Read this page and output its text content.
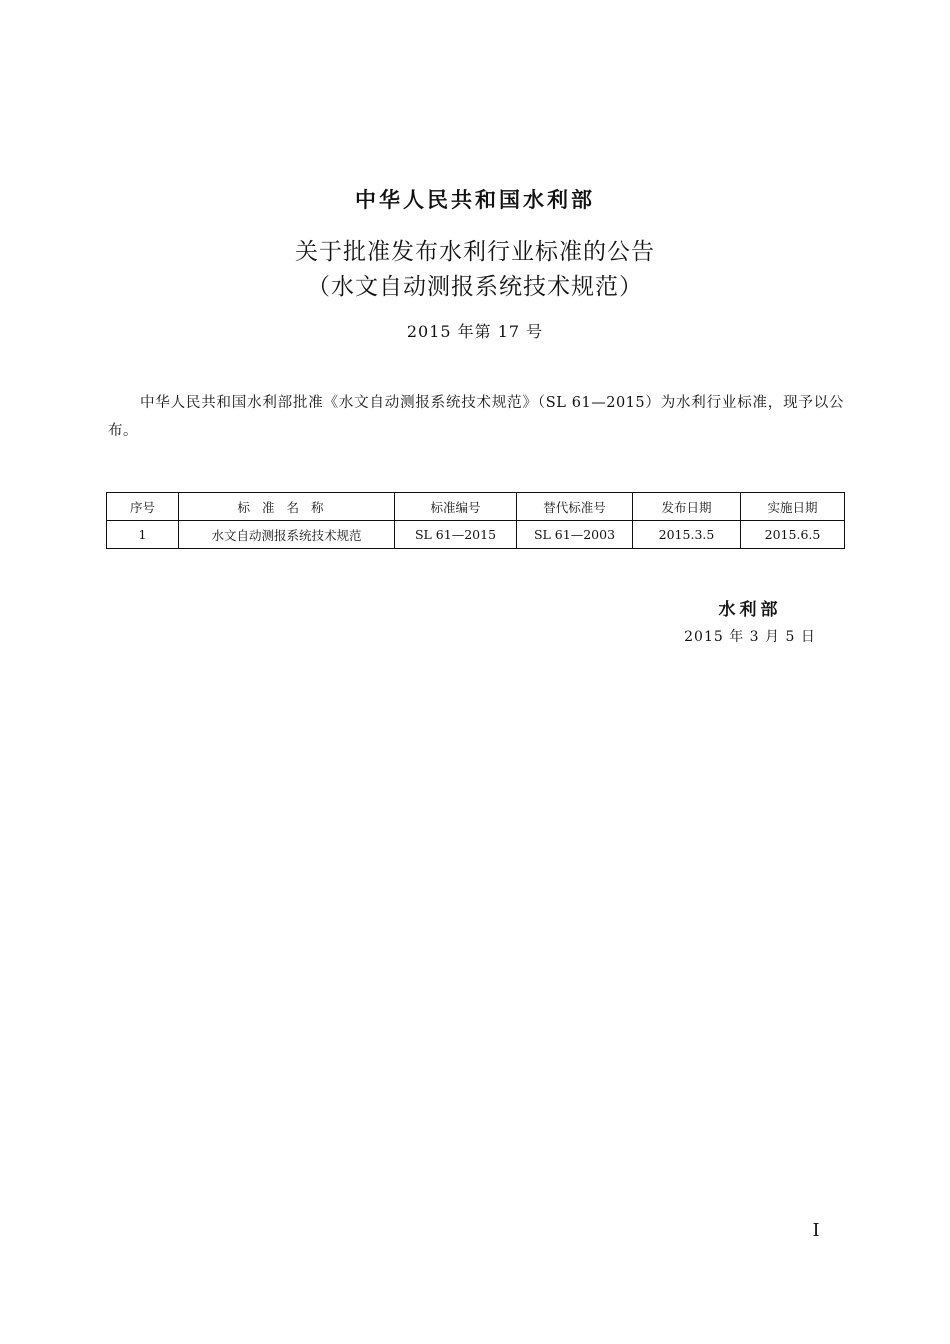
中华人民共和国水利部
关于批准发布水利行业标准的公告
（水文自动测报系统技术规范）
2015 年第 17 号

中华人民共和国水利部批准《水文自动测报系统技术规范》（SL 61—2015）为水利行业标准，现予以公布。

序号	标准名称	标准编号	替代标准号	发布日期	实施日期
1	水文自动测报系统技术规范	SL 61—2015	SL 61—2003	2015.3.5	2015.6.5
水利部
2015 年 3 月 5 日
I
